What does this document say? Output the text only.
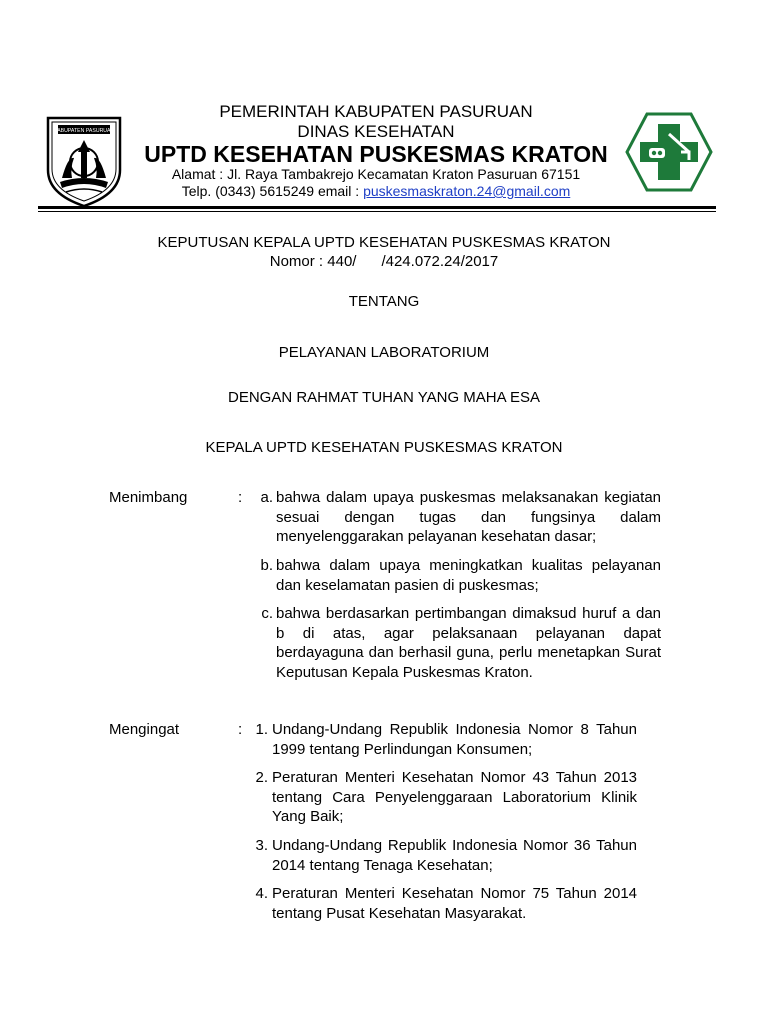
KABUPATEN PASURUAN
PEMERINTAH KABUPATEN PASURUAN
DINAS KESEHATAN
UPTD KESEHATAN PUSKESMAS KRATON
Alamat : Jl. Raya Tambakrejo Kecamatan Kraton Pasuruan 67151
Telp. (0343) 5615249 email : puskesmaskraton.24@gmail.com
KEPUTUSAN KEPALA UPTD KESEHATAN PUSKESMAS KRATON
Nomor : 440/      /424.072.24/2017
TENTANG
PELAYANAN LABORATORIUM
DENGAN RAHMAT TUHAN YANG MAHA ESA
KEPALA UPTD KESEHATAN PUSKESMAS KRATON
Menimbang	:	a. bahwa dalam upaya puskesmas melaksanakan kegiatan sesuai dengan tugas dan fungsinya dalam menyelenggarakan pelayanan kesehatan dasar;
b. bahwa dalam upaya meningkatkan kualitas pelayanan dan keselamatan pasien di puskesmas;
c. bahwa berdasarkan pertimbangan dimaksud huruf a dan b di atas, agar pelaksanaan pelayanan dapat berdayaguna dan berhasil guna, perlu menetapkan Surat Keputusan Kepala Puskesmas Kraton.
Mengingat	: 1. Undang-Undang Republik Indonesia Nomor 8 Tahun 1999 tentang Perlindungan Konsumen;
2. Peraturan Menteri Kesehatan Nomor 43 Tahun 2013 tentang Cara Penyelenggaraan Laboratorium Klinik Yang Baik;
3. Undang-Undang Republik Indonesia Nomor 36 Tahun 2014 tentang Tenaga Kesehatan;
4. Peraturan Menteri Kesehatan Nomor 75 Tahun 2014 tentang Pusat Kesehatan Masyarakat.
